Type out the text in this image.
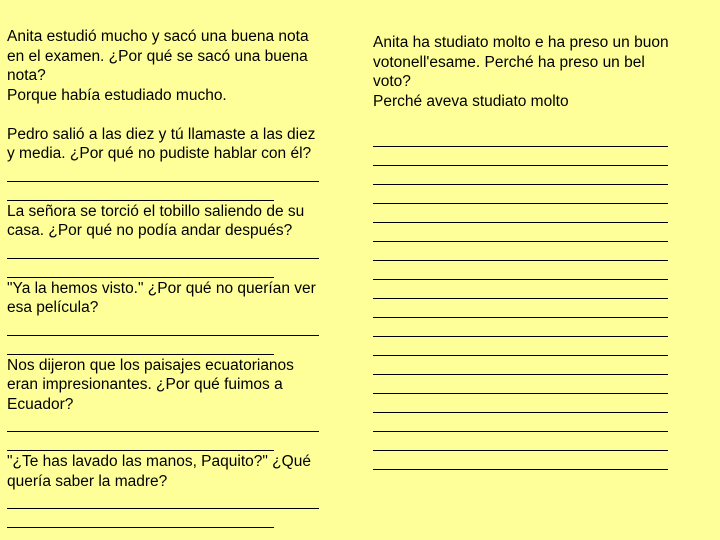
Anita estudió mucho y sacó una buena nota
en el examen. ¿Por qué se sacó una buena
nota?
Porque había estudiado mucho.
Pedro salió a las diez y tú llamaste a las diez
y media. ¿Por qué no pudiste hablar con él?
La señora se torció el tobillo saliendo de su
casa. ¿Por qué no podía andar después?
"Ya la hemos visto." ¿Por qué no querían ver
esa película?
Nos dijeron que los paisajes ecuatorianos
eran impresionantes. ¿Por qué fuimos a
Ecuador?
"¿Te has lavado las manos, Paquito?" ¿Qué
quería saber la madre?
Anita ha studiato molto e ha preso un buon
votonell'esame. Perché ha preso un bel
voto?
Perché aveva studiato molto
